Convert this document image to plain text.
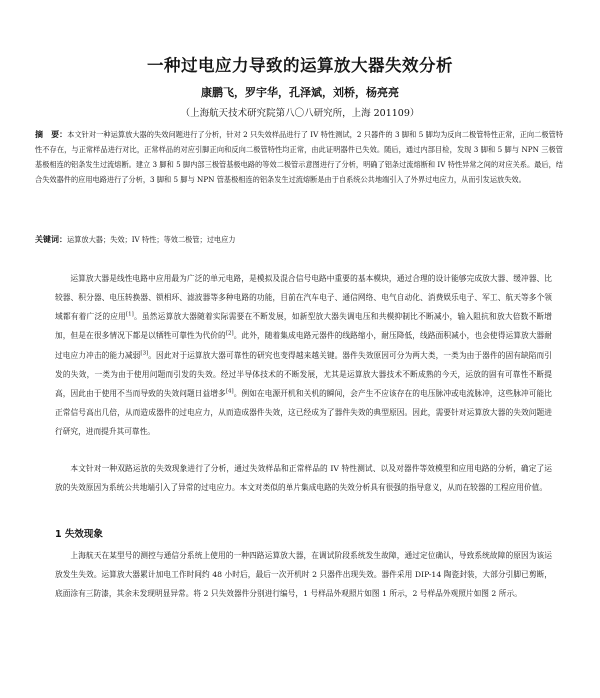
一种过电应力导致的运算放大器失效分析

康鹏飞，罗宇华，孔泽斌，刘桥，杨亮亮

（上海航天技术研究院第八〇八研究所，上海 201109）

摘　要：本文针对一种运算放大器的失效问题进行了分析，针对 2 只失效样品进行了 IV 特性测试，2 只器件的 3 脚和 5 脚均为反向二极管特性正常，正向二极管特性不存在，与正常样品进行对比，正常样品的对应引脚正向和反向二极管特性均正常，由此证明器件已失效。随后，通过内部目检，发现 3 脚和 5 脚与 NPN 三极管基极相连的铝条发生过流熔断。建立 3 脚和 5 脚内部三极管基极电路的等效二极管示意图进行了分析，明确了铝条过流熔断和 IV 特性异常之间的对应关系。最后，结合失效器件的应用电路进行了分析，3 脚和 5 脚与 NPN 管基极相连的铝条发生过流熔断是由于自系统公共地端引入了外界过电应力，从而引发运放失效。

关键词：运算放大器；失效；IV 特性；等效二极管；过电应力

运算放大器是线性电路中应用最为广泛的单元电路，是模拟及混合信号电路中重要的基本模块，通过合理的设计能够完成放大器、缓冲器、比较器、积分器、电压转换器、锁相环、滤波器等多种电路的功能，目前在汽车电子、通信网络、电气自动化、消费娱乐电子、军工、航天等多个领域都有着广泛的应用[1]。虽然运算放大器随着实际需要在不断发展，如新型放大器失调电压和共模抑制比不断减小，输入阻抗和放大倍数不断增加，但是在很多情况下都是以牺牲可靠性为代价的[2]。此外，随着集成电路元器件的线路缩小，耐压降低，线路面积减小，也会使得运算放大器耐过电应力冲击的能力减弱[3]。因此对于运算放大器可靠性的研究也变得越来越关键。器件失效原因可分为两大类，一类为由于器件的固有缺陷而引发的失效，一类为由于使用问题而引发的失效。经过半导体技术的不断发展，尤其是运算放大器技术不断成熟的今天，运放的固有可靠性不断提高，因此由于使用不当而导致的失效问题日益增多[4]。例如在电源开机和关机的瞬间，会产生不应该存在的电压脉冲或电流脉冲，这些脉冲可能比正常信号高出几倍，从而造成器件的过电应力，从而造成器件失效，这已经成为了器件失效的典型原因。因此，需要针对运算放大器的失效问题进行研究，进而提升其可靠性。

本文针对一种双路运放的失效现象进行了分析，通过失效样品和正常样品的 IV 特性测试、以及对器件等效模型和应用电路的分析，确定了运放的失效原因为系统公共地端引入了异常的过电应力。本文对类似的单片集成电路的失效分析具有很强的指导意义，从而在较器的工程应用价值。

1 失效现象

上海航天在某型号的测控与通信分系统上使用的一种四路运算放大器，在调试阶段系统发生故障，通过定位确认，导致系统故障的原因为该运放发生失效。运算放大器累计加电工作时间约 48 小时后，最后一次开机时 2 只器件出现失效。器件采用 DIP-14 陶瓷封装，大部分引脚已剪断，底面涂有三防漆，其余未发现明显异常。将 2 只失效器件分别进行编号，1 号样品外观照片如图 1 所示，2 号样品外观照片如图 2 所示。
